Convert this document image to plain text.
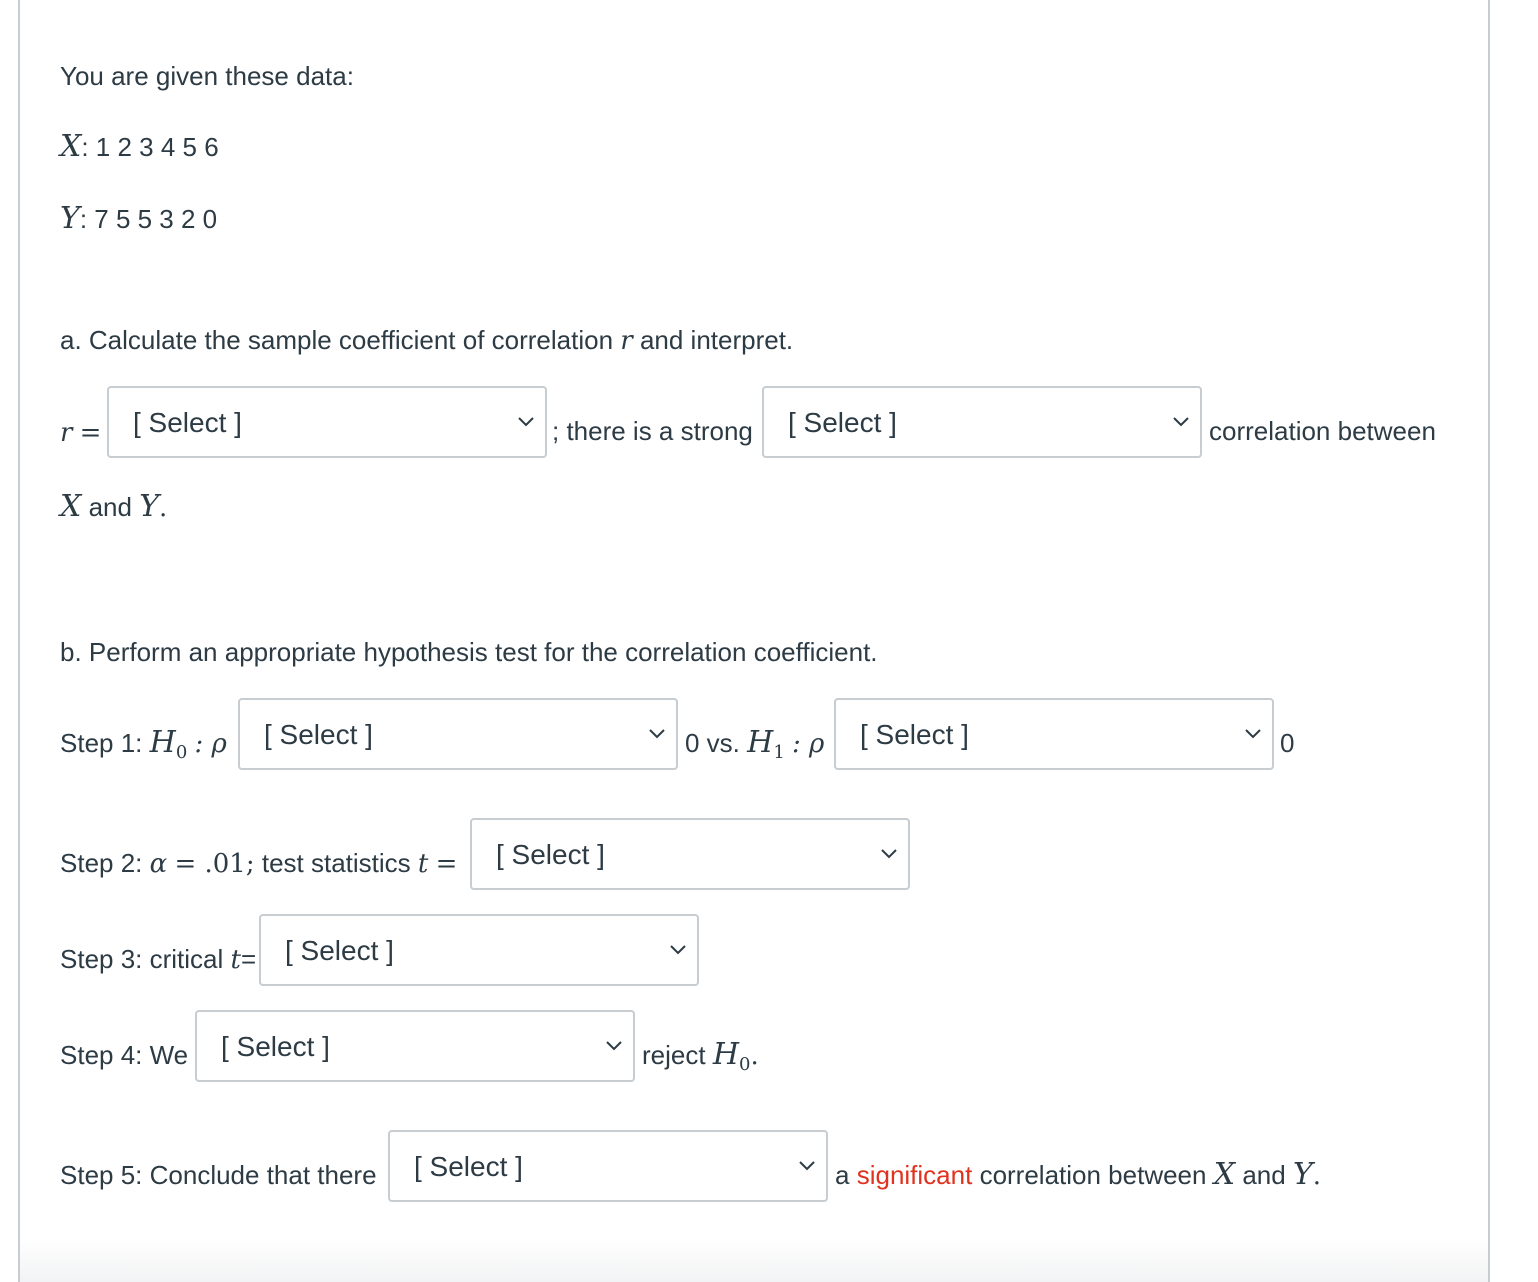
You are given these data:
X: 1 2 3 4 5 6
Y: 7 5 5 3 2 0
a. Calculate the sample coefficient of correlation r and interpret.
r = [ Select ]	; there is a strong [ Select ]	correlation between
X and Y.
b. Perform an appropriate hypothesis test for the correlation coefficient.
Step 1: $H_0$ : ρ [ Select ]	0 vs. $H_1$ : ρ [ Select ]	0
Step 2: α = .01; test statistics t = [ Select ]
Step 3: critical t= [ Select ]
Step 4: We [ Select ]	reject $H_0$.
Step 5: Conclude that there [ Select ]	a significant correlation between X and Y.
